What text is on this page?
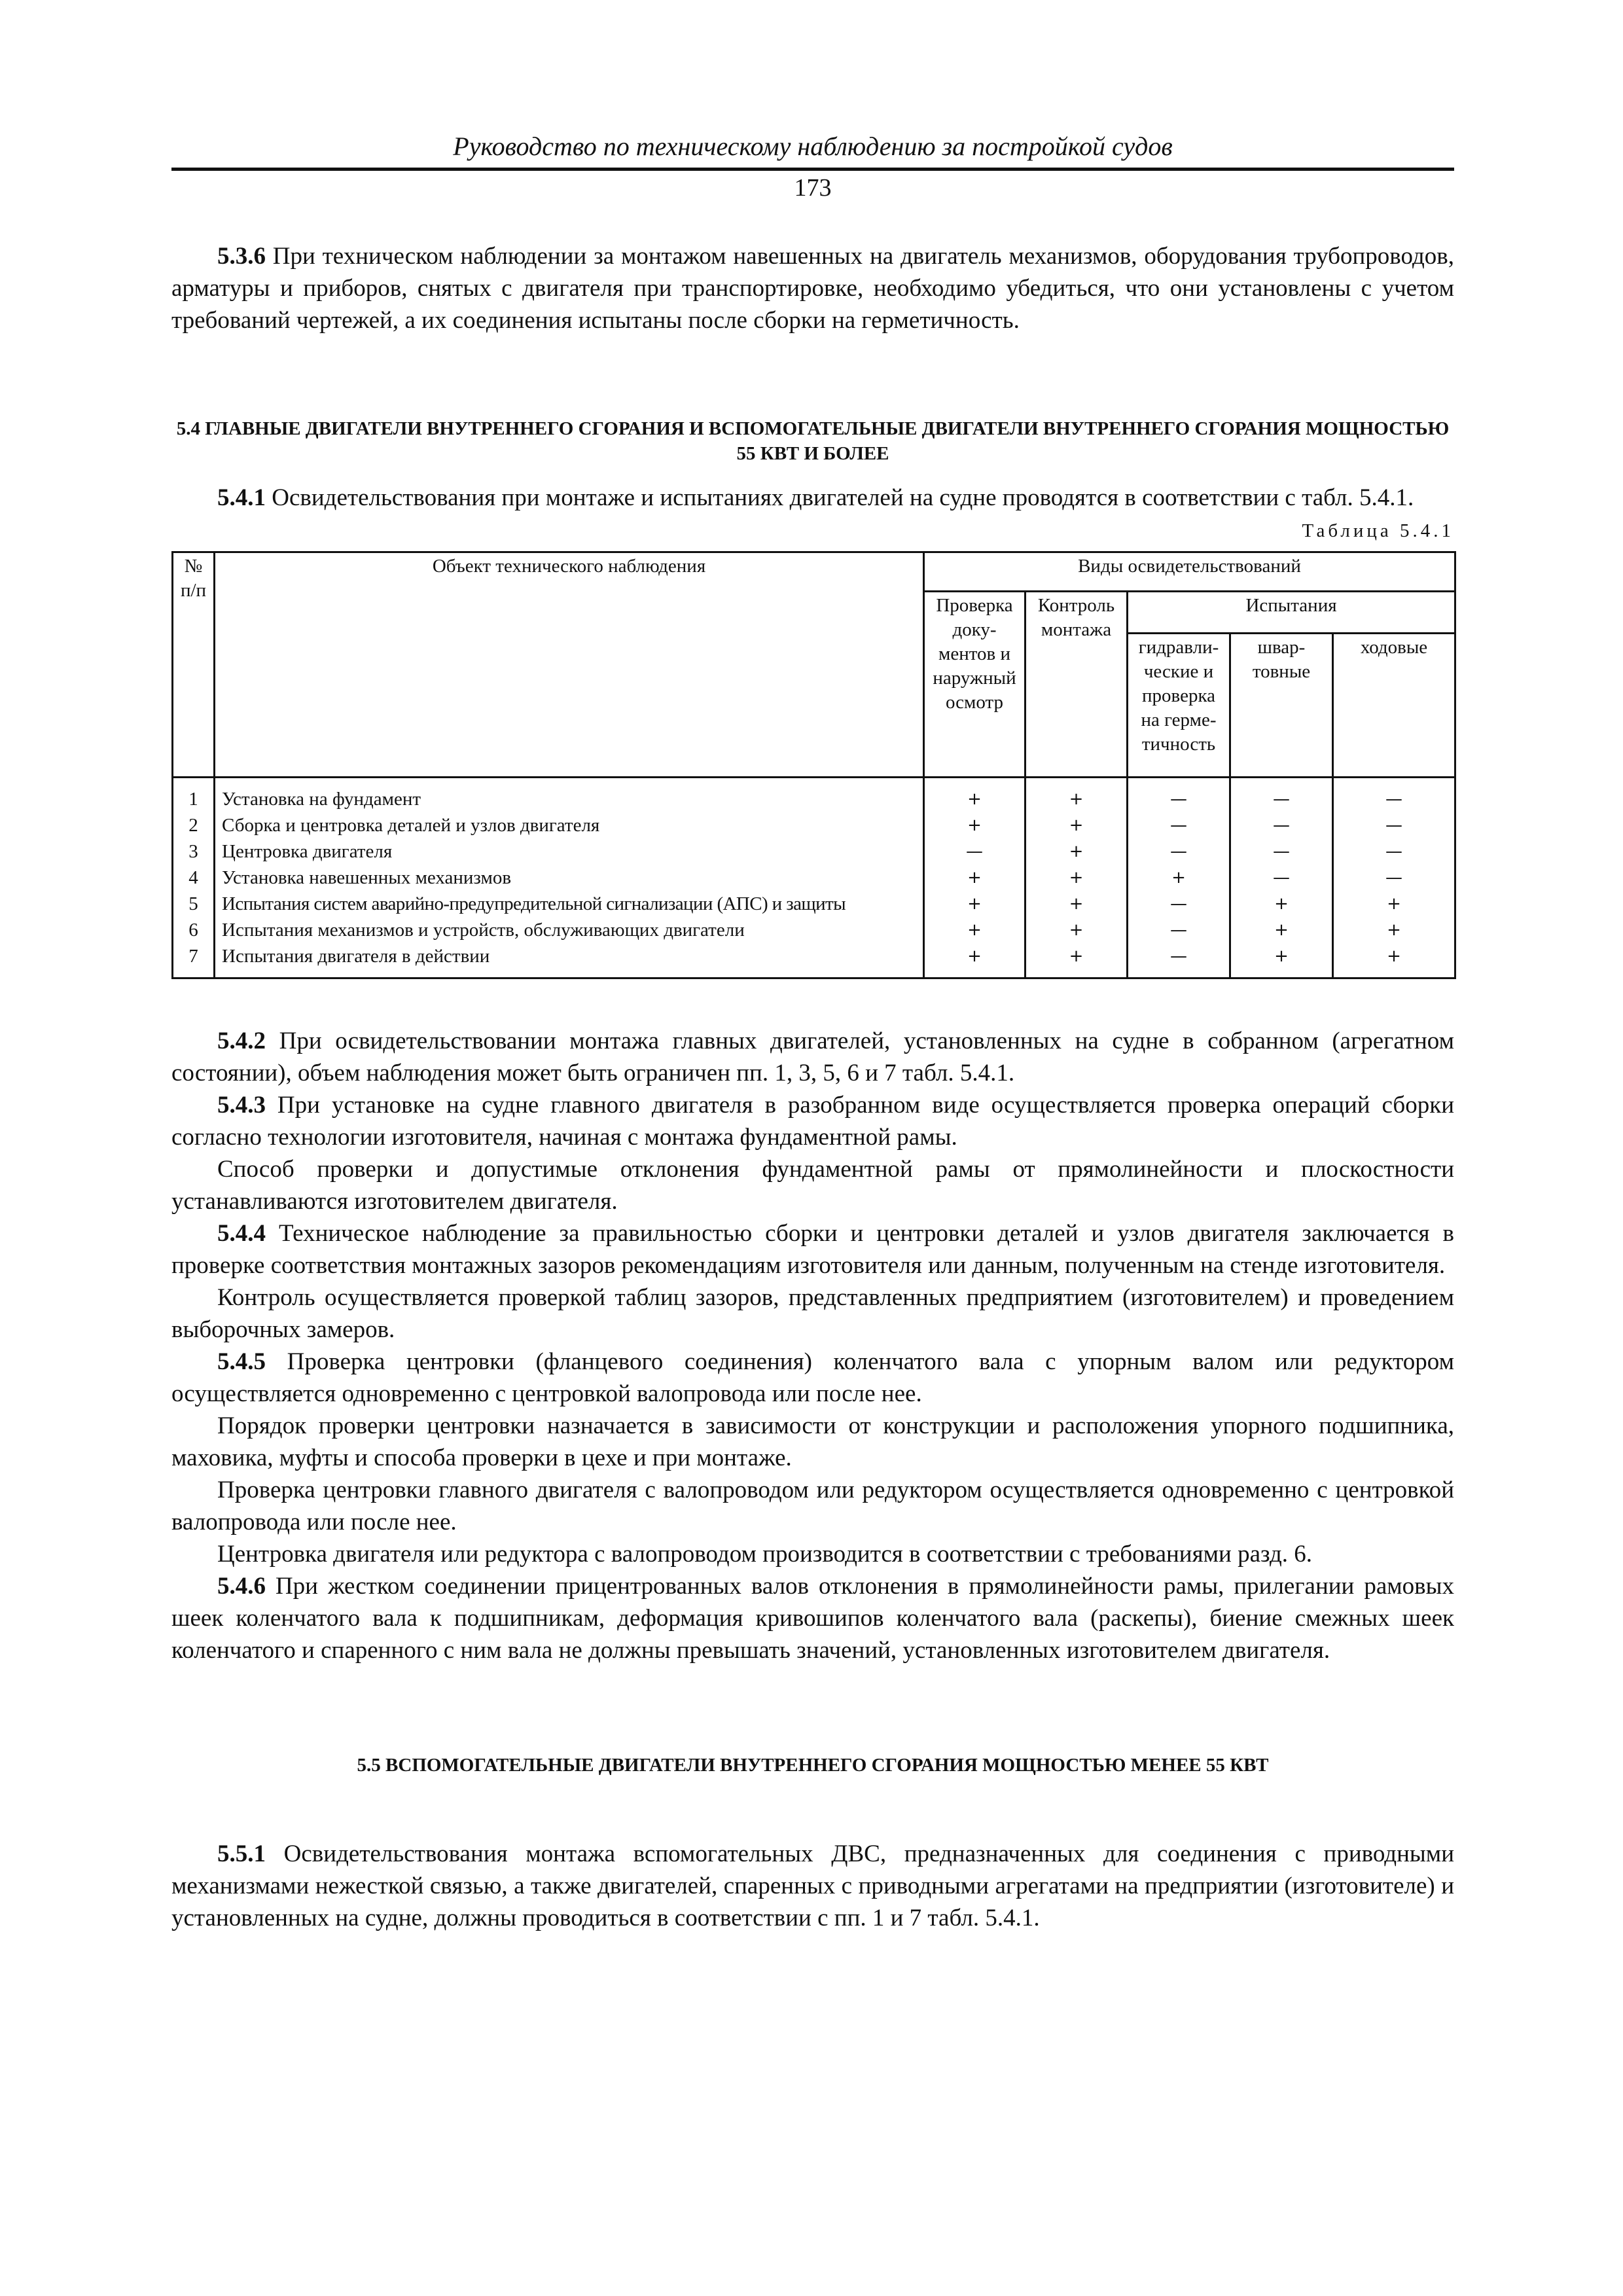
Руководство по техническому наблюдению за постройкой судов

173

5.3.6 При техническом наблюдении за монтажом навешенных на двигатель механизмов, оборудования трубопроводов, арматуры и приборов, снятых с двигателя при транспортировке, необходимо убедиться, что они установлены с учетом требований чертежей, а их соединения испытаны после сборки на герметичность.

5.4 ГЛАВНЫЕ ДВИГАТЕЛИ ВНУТРЕННЕГО СГОРАНИЯ И ВСПОМОГАТЕЛЬНЫЕ ДВИГАТЕЛИ ВНУТРЕННЕГО СГОРАНИЯ МОЩНОСТЬЮ 55 КВТ И БОЛЕЕ

5.4.1 Освидетельствования при монтаже и испытаниях двигателей на судне проводятся в соответствии с табл. 5.4.1.

Таблица 5.4.1
№ п/п	Объект технического наблюдения	Виды освидетельствований				
		Проверка доку-ментов и наружный осмотр	Контроль монтажа	Испытания		
				гидравли-ческие и проверка на герме-тичность	швар-товные	ходовые
1	Установка на фундамент	+	+	—	—	—
2	Сборка и центровка деталей и узлов двигателя	+	+	—	—	—
3	Центровка двигателя	—	+	—	—	—
4	Установка навешенных механизмов	+	+	+	—	—
5	Испытания систем аварийно-предупредительной сигнализации (АПС) и защиты	+	+	—	+	+
6	Испытания механизмов и устройств, обслуживающих двигатели	+	+	—	+	+
7	Испытания двигателя в действии	+	+	—	+	+

5.4.2 При освидетельствовании монтажа главных двигателей, установленных на судне в собранном (агрегатном состоянии), объем наблюдения может быть ограничен пп. 1, 3, 5, 6 и 7 табл. 5.4.1.

5.4.3 При установке на судне главного двигателя в разобранном виде осуществляется проверка операций сборки согласно технологии изготовителя, начиная с монтажа фундаментной рамы.

Способ проверки и допустимые отклонения фундаментной рамы от прямолинейности и плоскостности устанавливаются изготовителем двигателя.

5.4.4 Техническое наблюдение за правильностью сборки и центровки деталей и узлов двигателя заключается в проверке соответствия монтажных зазоров рекомендациям изготовителя или данным, полученным на стенде изготовителя.

Контроль осуществляется проверкой таблиц зазоров, представленных предприятием (изготовителем) и проведением выборочных замеров.

5.4.5 Проверка центровки (фланцевого соединения) коленчатого вала с упорным валом или редуктором осуществляется одновременно с центровкой валопровода или после нее.

Порядок проверки центровки назначается в зависимости от конструкции и расположения упорного подшипника, маховика, муфты и способа проверки в цехе и при монтаже.

Проверка центровки главного двигателя с валопроводом или редуктором осуществляется одновременно с центровкой валопровода или после нее.

Центровка двигателя или редуктора с валопроводом производится в соответствии с требованиями разд. 6.

5.4.6 При жестком соединении прицентрованных валов отклонения в прямолинейности рамы, прилегании рамовых шеек коленчатого вала к подшипникам, деформация кривошипов коленчатого вала (раскепы), биение смежных шеек коленчатого и спаренного с ним вала не должны превышать значений, установленных изготовителем двигателя.

5.5 ВСПОМОГАТЕЛЬНЫЕ ДВИГАТЕЛИ ВНУТРЕННЕГО СГОРАНИЯ МОЩНОСТЬЮ МЕНЕЕ 55 КВТ

5.5.1 Освидетельствования монтажа вспомогательных ДВС, предназначенных для соединения с приводными механизмами нежесткой связью, а также двигателей, спаренных с приводными агрегатами на предприятии (изготовителе) и установленных на судне, должны проводиться в соответствии с пп. 1 и 7 табл. 5.4.1.
